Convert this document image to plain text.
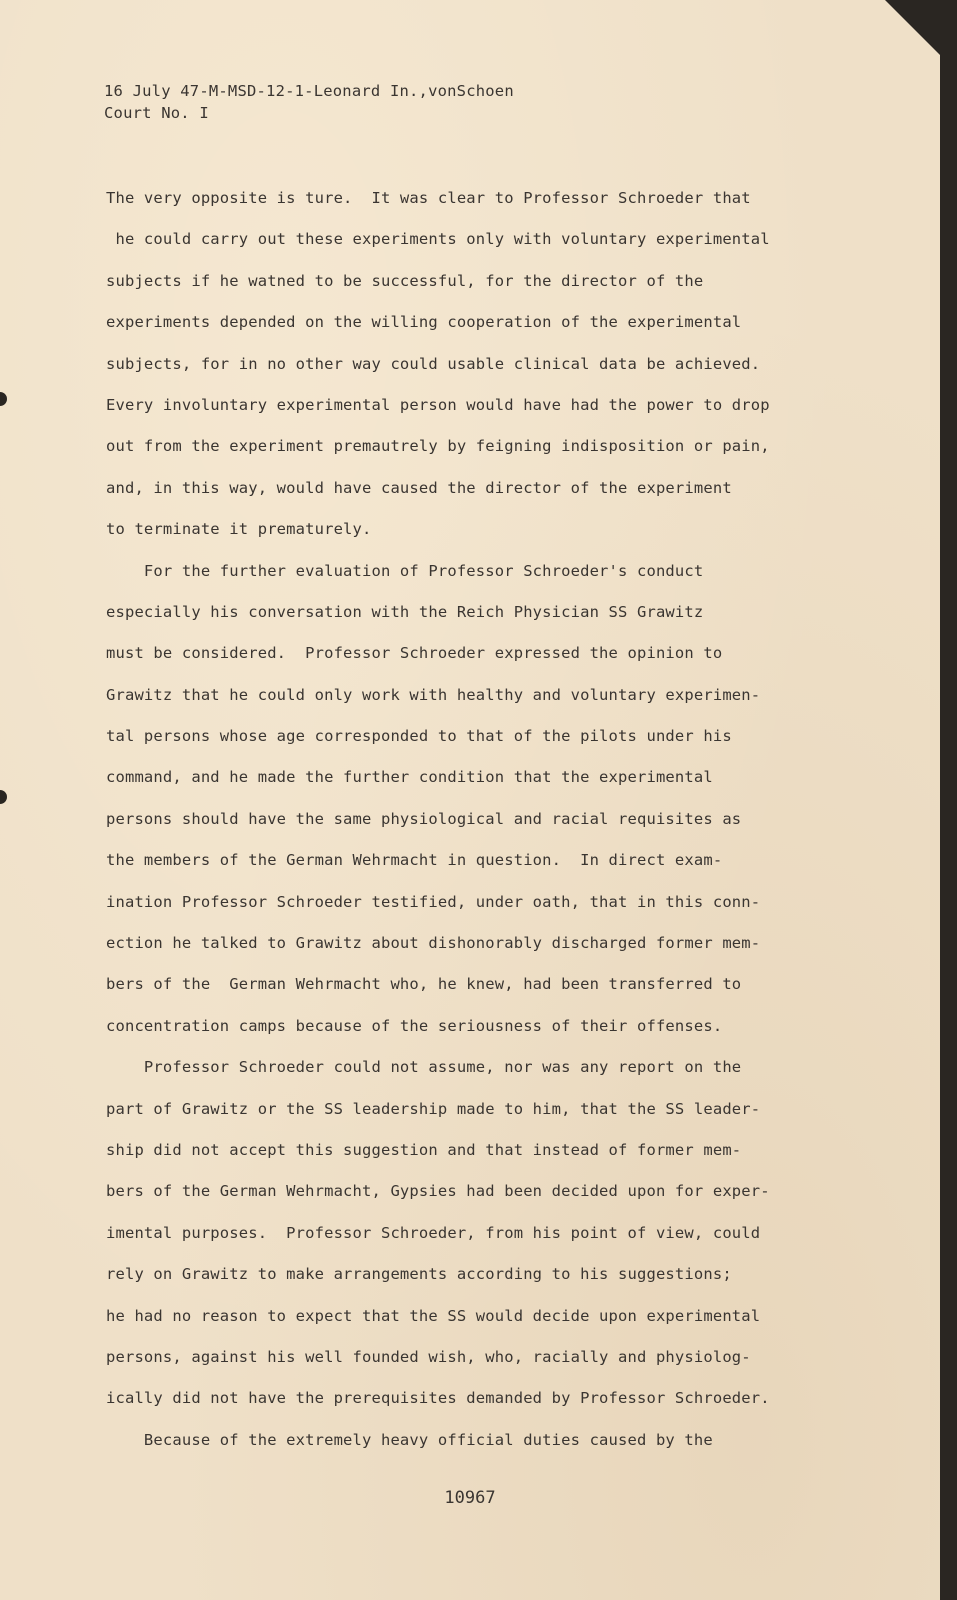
16 July 47-M-MSD-12-1-Leonard In.,vonSchoen
Court No. I
The very opposite is ture.  It was clear to Professor Schroeder that
he could carry out these experiments only with voluntary experimental
subjects if he watned to be successful, for the director of the
experiments depended on the willing cooperation of the experimental
subjects, for in no other way could usable clinical data be achieved.
Every involuntary experimental person would have had the power to drop
out from the experiment premautrely by feigning indisposition or pain,
and, in this way, would have caused the director of the experiment
to terminate it prematurely.
For the further evaluation of Professor Schroeder's conduct
especially his conversation with the Reich Physician SS Grawitz
must be considered.  Professor Schroeder expressed the opinion to
Grawitz that he could only work with healthy and voluntary experimen-
tal persons whose age corresponded to that of the pilots under his
command, and he made the further condition that the experimental
persons should have the same physiological and racial requisites as
the members of the German Wehrmacht in question.  In direct exam-
ination Professor Schroeder testified, under oath, that in this conn-
ection he talked to Grawitz about dishonorably discharged former mem-
bers of the  German Wehrmacht who, he knew, had been transferred to
concentration camps because of the seriousness of their offenses.
Professor Schroeder could not assume, nor was any report on the
part of Grawitz or the SS leadership made to him, that the SS leader-
ship did not accept this suggestion and that instead of former mem-
bers of the German Wehrmacht, Gypsies had been decided upon for exper-
imental purposes.  Professor Schroeder, from his point of view, could
rely on Grawitz to make arrangements according to his suggestions;
he had no reason to expect that the SS would decide upon experimental
persons, against his well founded wish, who, racially and physiolog-
ically did not have the prerequisites demanded by Professor Schroeder.
Because of the extremely heavy official duties caused by the
10967
